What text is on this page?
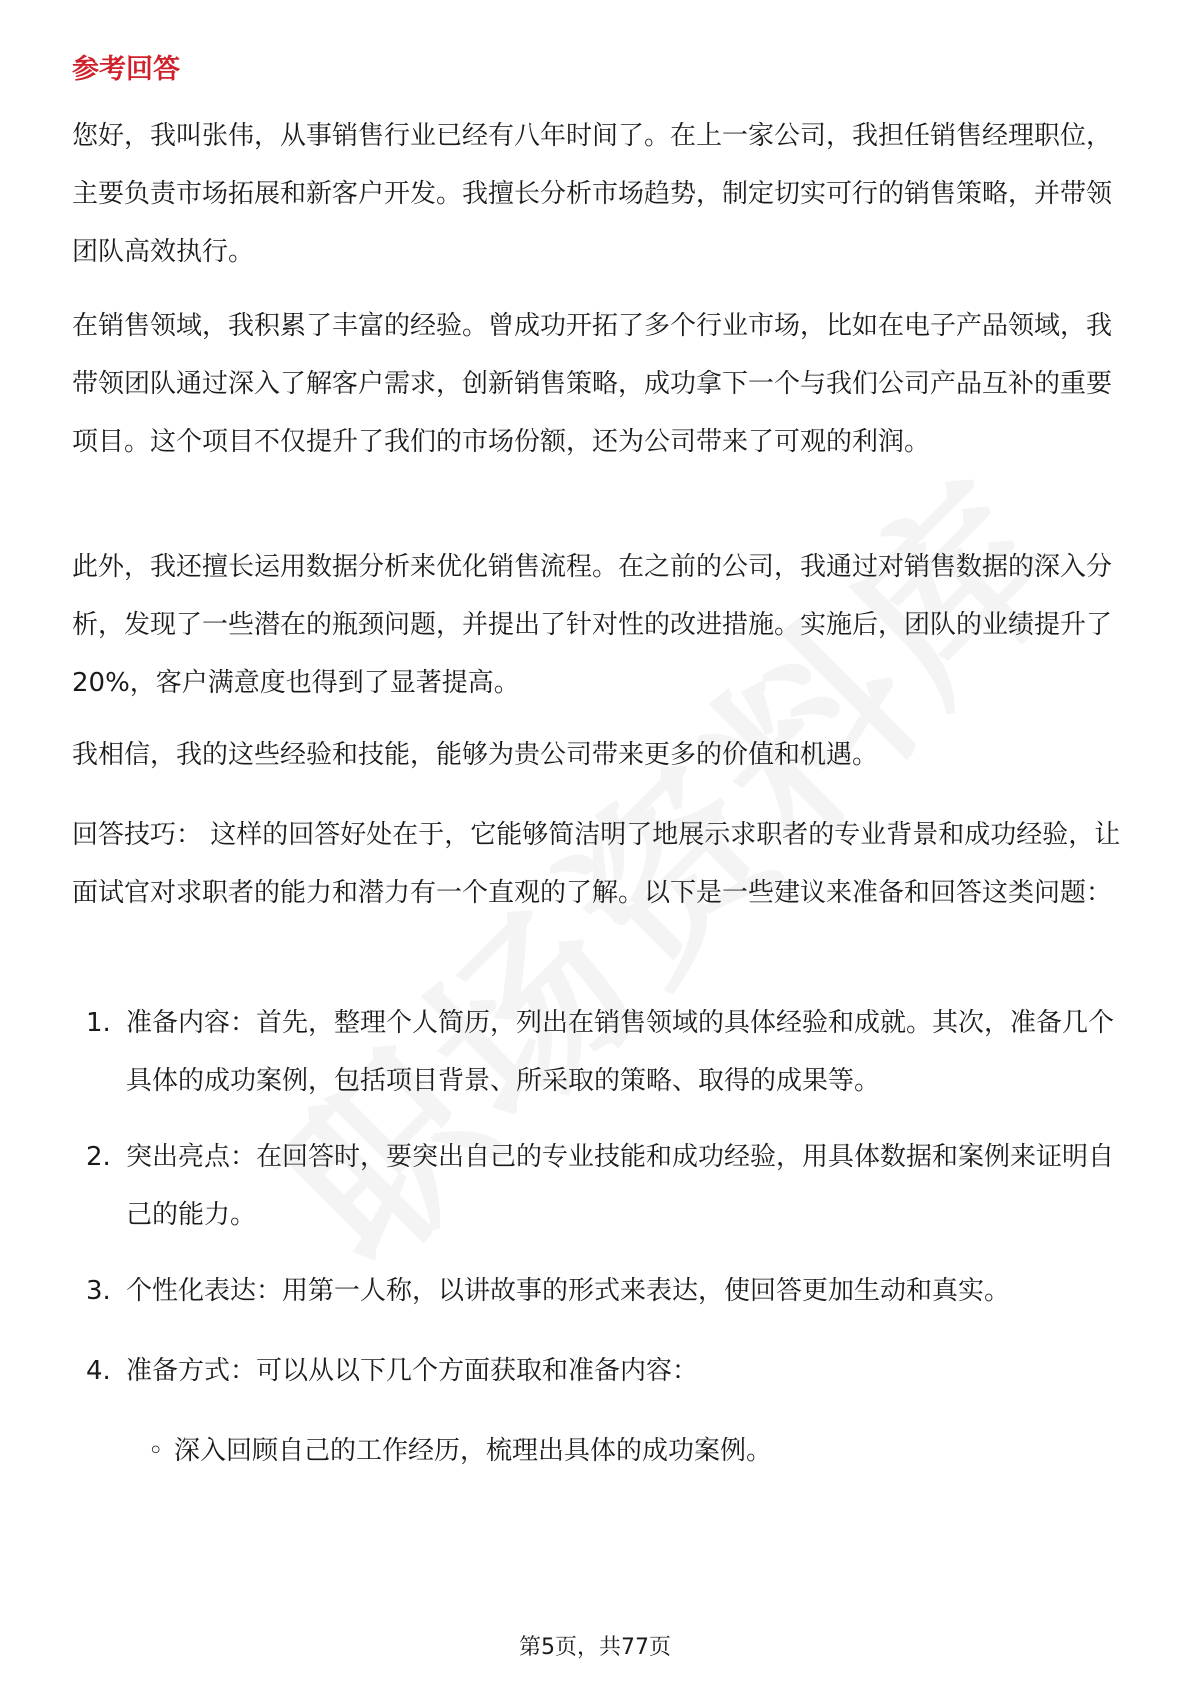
参考回答

您好，我叫张伟，从事销售行业已经有八年时间了。在上一家公司，我担任销售经理职位，主要负责市场拓展和新客户开发。我擅长分析市场趋势，制定切实可行的销售策略，并带领团队高效执行。

在销售领域，我积累了丰富的经验。曾成功开拓了多个行业市场，比如在电子产品领域，我带领团队通过深入了解客户需求，创新销售策略，成功拿下一个与我们公司产品互补的重要项目。这个项目不仅提升了我们的市场份额，还为公司带来了可观的利润。

此外，我还擅长运用数据分析来优化销售流程。在之前的公司，我通过对销售数据的深入分析，发现了一些潜在的瓶颈问题，并提出了针对性的改进措施。实施后，团队的业绩提升了20%，客户满意度也得到了显著提高。

我相信，我的这些经验和技能，能够为贵公司带来更多的价值和机遇。

回答技巧： 这样的回答好处在于，它能够简洁明了地展示求职者的专业背景和成功经验，让面试官对求职者的能力和潜力有一个直观的了解。以下是一些建议来准备和回答这类问题：

1. 准备内容：首先，整理个人简历，列出在销售领域的具体经验和成就。其次，准备几个具体的成功案例，包括项目背景、所采取的策略、取得的成果等。
2. 突出亮点：在回答时，要突出自己的专业技能和成功经验，用具体数据和案例来证明自己的能力。
3. 个性化表达：用第一人称，以讲故事的形式来表达，使回答更加生动和真实。
4. 准备方式：可以从以下几个方面获取和准备内容：
◦ 深入回顾自己的工作经历，梳理出具体的成功案例。
第5页，共77页
